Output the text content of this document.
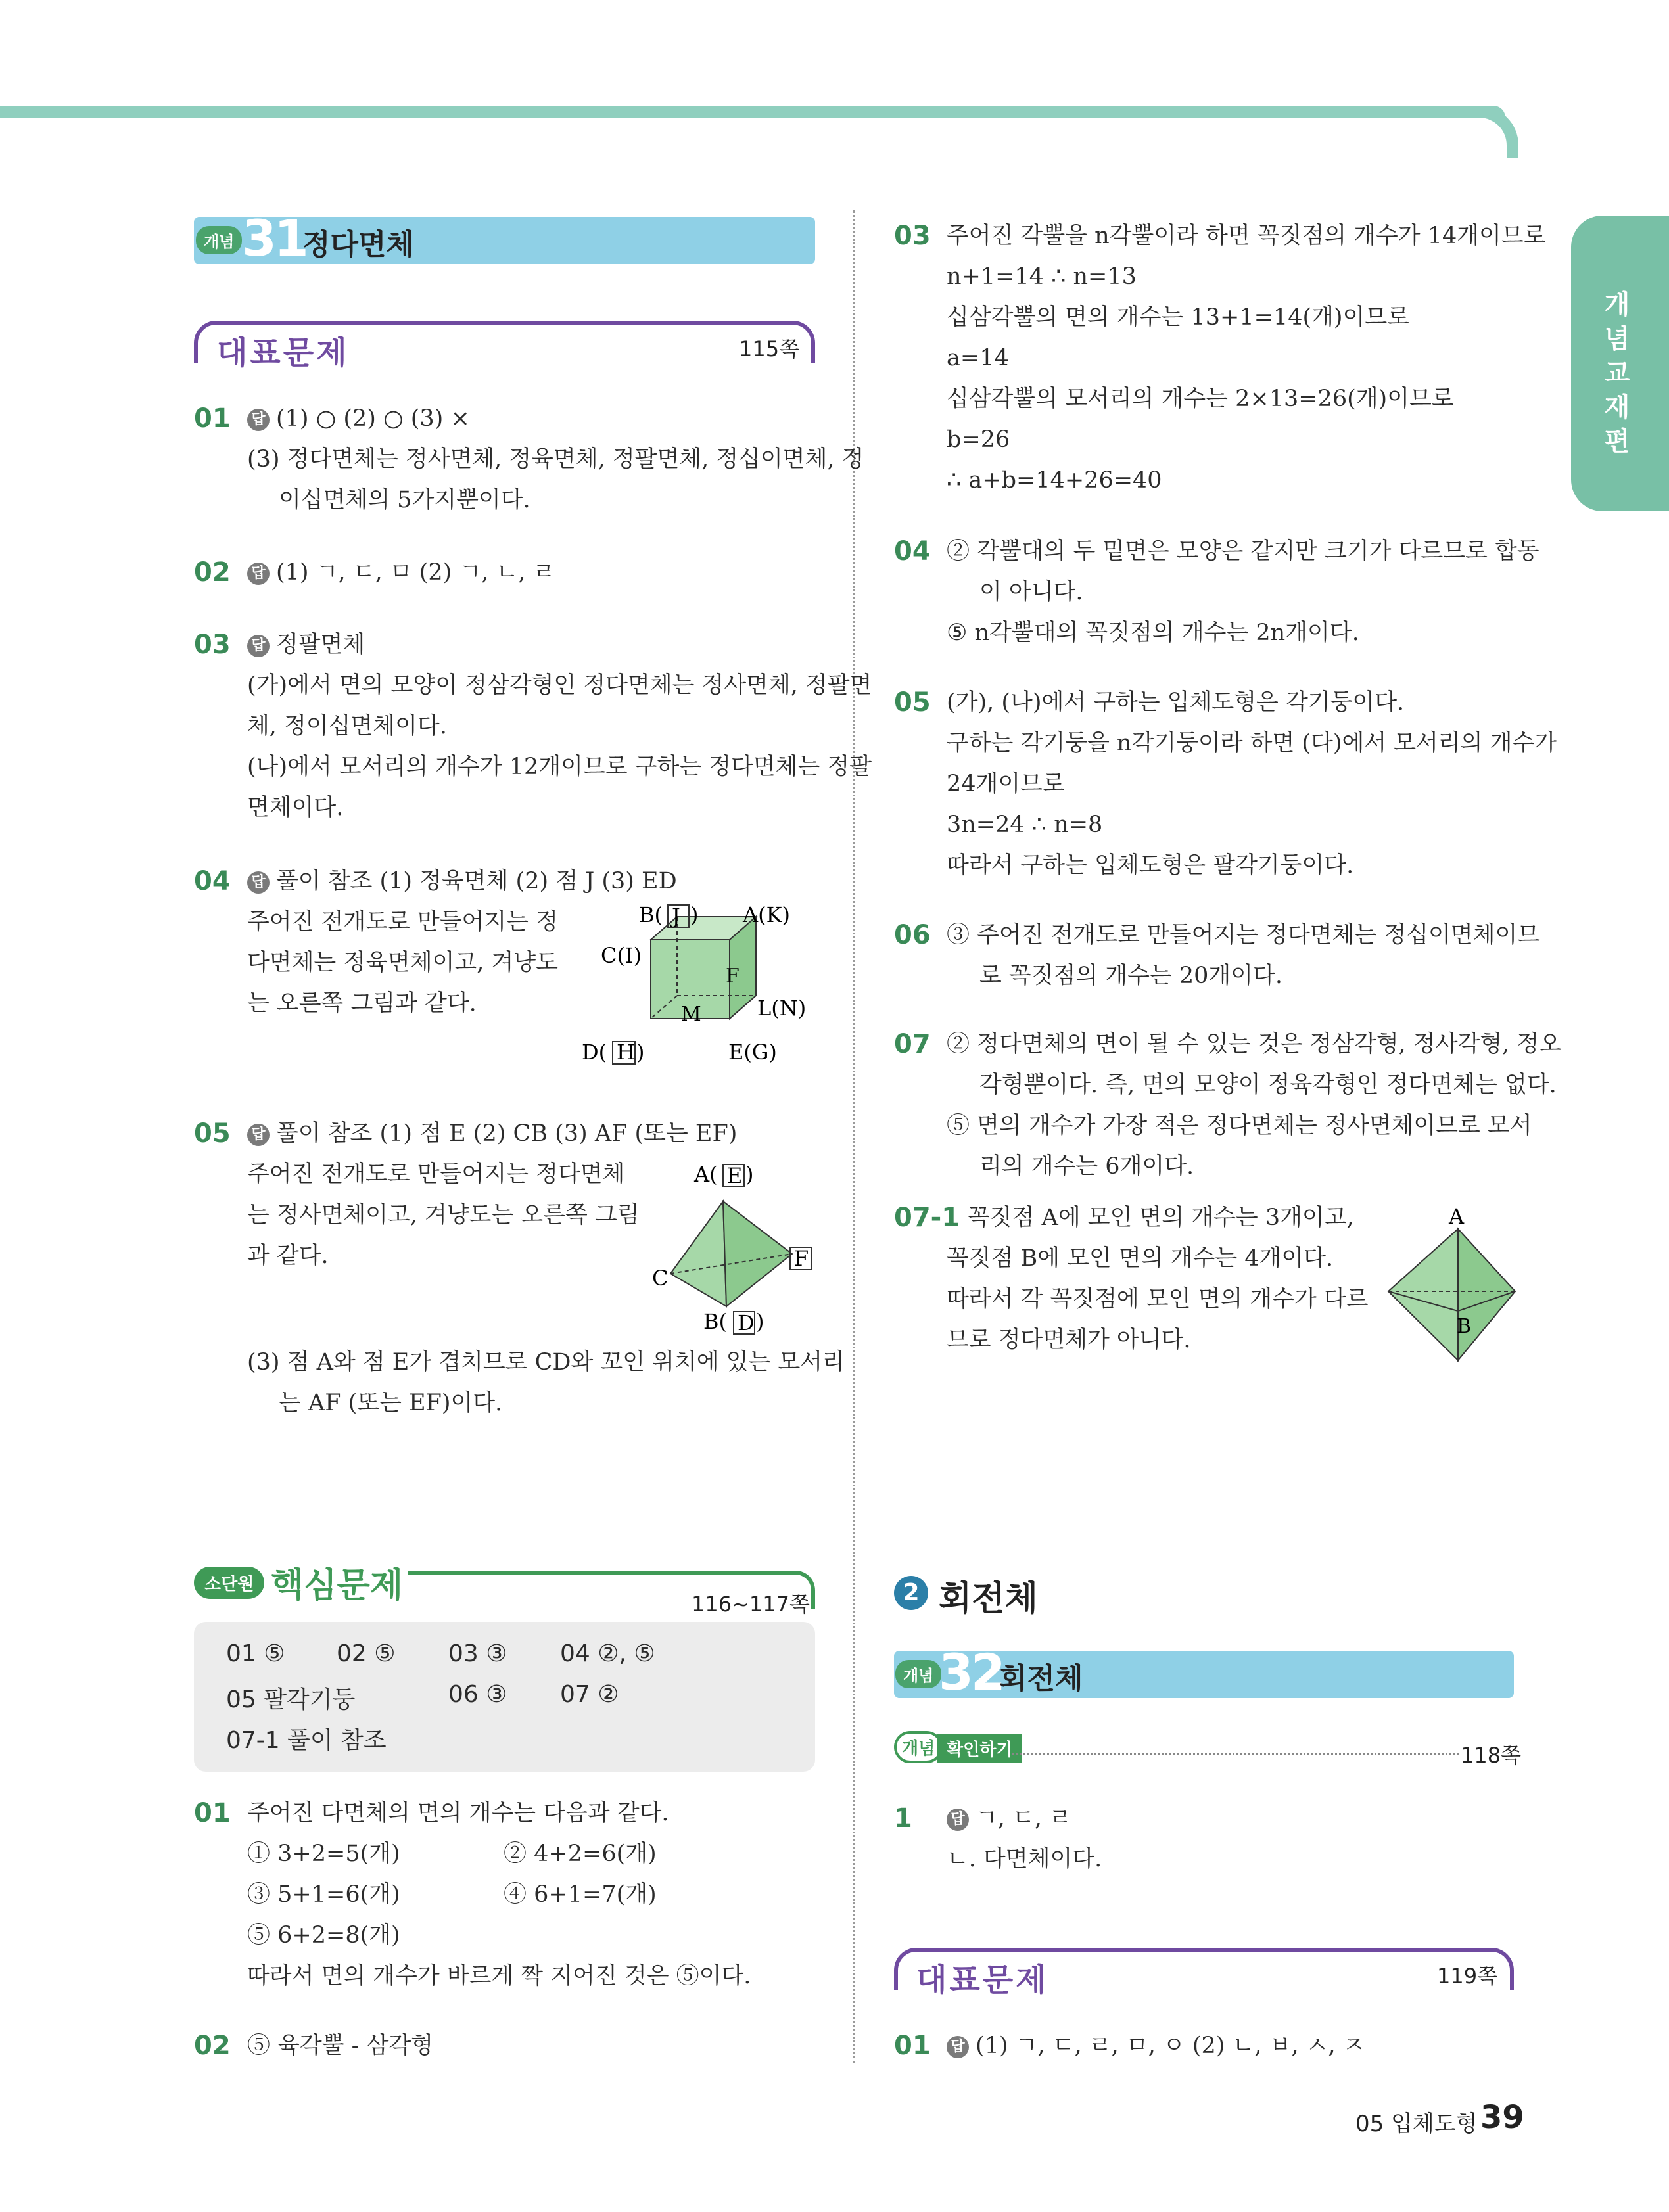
개념교재편
개념 31
정다면체
대표문제	115쪽
01 답 (1) ○ (2) ○ (3) ×
(3) 정다면체는 정사면체, 정육면체, 정팔면체, 정십이면체, 정
이십면체의 5가지뿐이다.
02 답 (1) ㄱ, ㄷ, ㅁ (2) ㄱ, ㄴ, ㄹ
03 답 정팔면체
(가)에서 면의 모양이 정삼각형인 정다면체는 정사면체, 정팔면
체, 정이십면체이다.
(나)에서 모서리의 개수가 12개이므로 구하는 정다면체는 정팔
면체이다.
04 답 풀이 참조 (1) 정육면체 (2) 점 J (3) ED
주어진 전개도로 만들어지는 정
다면체는 정육면체이고, 겨냥도
는 오른쪽 그림과 같다.
B( J ) A(K)
C(I)
F
L(N)
M
D( H )	E(G)
05 답 풀이 참조 (1) 점 E (2) CB (3) AF (또는 EF)
주어진 전개도로 만들어지는 정다면체
는 정사면체이고, 겨냥도는 오른쪽 그림
과 같다.
A( E )
C
F
B( D )
(3) 점 A와 점 E가 겹치므로 CD와 꼬인 위치에 있는 모서리
는 AF (또는 EF)이다.
소단원 핵심문제	116~117쪽
01 ⑤ 02 ⑤ 03 ③ 04 ②, ⑤
05 팔각기둥	06 ③ 07 ②
07-1 풀이 참조
01 주어진 다면체의 면의 개수는 다음과 같다.
① 3+2=5(개)	② 4+2=6(개)
③ 5+1=6(개)	④ 6+1=7(개)
⑤ 6+2=8(개)
따라서 면의 개수가 바르게 짝 지어진 것은 ⑤이다.
02 ⑤ 육각뿔 - 삼각형
03 주어진 각뿔을 n각뿔이라 하면 꼭짓점의 개수가 14개이므로
n+1=14 ∴ n=13
십삼각뿔의 면의 개수는 13+1=14(개)이므로
a=14
십삼각뿔의 모서리의 개수는 2×13=26(개)이므로
b=26
∴ a+b=14+26=40
04 ② 각뿔대의 두 밑면은 모양은 같지만 크기가 다르므로 합동
이 아니다.
⑤ n각뿔대의 꼭짓점의 개수는 2n개이다.
05 (가), (나)에서 구하는 입체도형은 각기둥이다.
구하는 각기둥을 n각기둥이라 하면 (다)에서 모서리의 개수가
24개이므로
3n=24 ∴ n=8
따라서 구하는 입체도형은 팔각기둥이다.
06 ③ 주어진 전개도로 만들어지는 정다면체는 정십이면체이므
로 꼭짓점의 개수는 20개이다.
07 ② 정다면체의 면이 될 수 있는 것은 정삼각형, 정사각형, 정오
각형뿐이다. 즉, 면의 모양이 정육각형인 정다면체는 없다.
⑤ 면의 개수가 가장 적은 정다면체는 정사면체이므로 모서
리의 개수는 6개이다.
07-1 꼭짓점 A에 모인 면의 개수는 3개이고,
꼭짓점 B에 모인 면의 개수는 4개이다.
따라서 각 꼭짓점에 모인 면의 개수가 다르
므로 정다면체가 아니다.
A
B
2 회전체
개념 32
회전체
개념 확인하기	118쪽
1	답 ㄱ, ㄷ, ㄹ
ㄴ. 다면체이다.
대표문제	119쪽
01 답 (1) ㄱ, ㄷ, ㄹ, ㅁ, ㅇ (2) ㄴ, ㅂ, ㅅ, ㅈ
05 입체도형 39
